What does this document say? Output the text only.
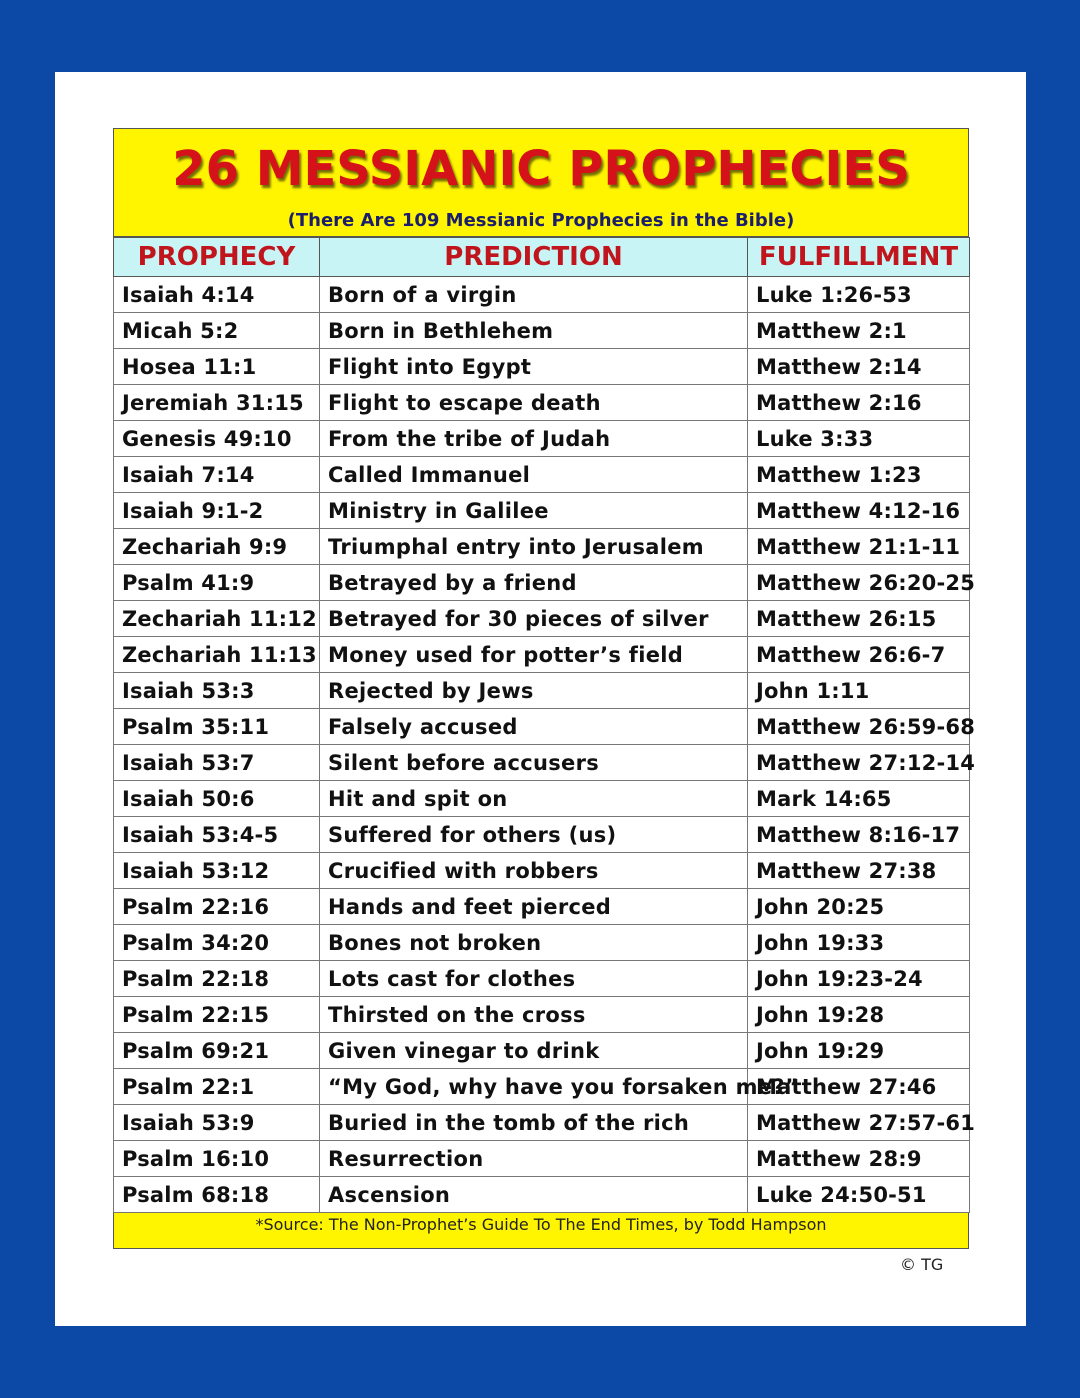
26 MESSIANIC PROPHECIES
(There Are 109 Messianic Prophecies in the Bible)
PROPHECY	PREDICTION	FULFILLMENT
Isaiah 4:14	Born of a virgin	Luke 1:26-53
Micah 5:2	Born in Bethlehem	Matthew 2:1
Hosea 11:1	Flight into Egypt	Matthew 2:14
Jeremiah 31:15	Flight to escape death	Matthew 2:16
Genesis 49:10	From the tribe of Judah	Luke 3:33
Isaiah 7:14	Called Immanuel	Matthew 1:23
Isaiah 9:1-2	Ministry in Galilee	Matthew 4:12-16
Zechariah 9:9	Triumphal entry into Jerusalem	Matthew 21:1-11
Psalm 41:9	Betrayed by a friend	Matthew 26:20-25
Zechariah 11:12	Betrayed for 30 pieces of silver	Matthew 26:15
Zechariah 11:13	Money used for potter’s field	Matthew 26:6-7
Isaiah 53:3	Rejected by Jews	John 1:11
Psalm 35:11	Falsely accused	Matthew 26:59-68
Isaiah 53:7	Silent before accusers	Matthew 27:12-14
Isaiah 50:6	Hit and spit on	Mark 14:65
Isaiah 53:4-5	Suffered for others (us)	Matthew 8:16-17
Isaiah 53:12	Crucified with robbers	Matthew 27:38
Psalm 22:16	Hands and feet pierced	John 20:25
Psalm 34:20	Bones not broken	John 19:33
Psalm 22:18	Lots cast for clothes	John 19:23-24
Psalm 22:15	Thirsted on the cross	John 19:28
Psalm 69:21	Given vinegar to drink	John 19:29
Psalm 22:1	“My God, why have you forsaken me?”	Matthew 27:46
Isaiah 53:9	Buried in the tomb of the rich	Matthew 27:57-61
Psalm 16:10	Resurrection	Matthew 28:9
Psalm 68:18	Ascension	Luke 24:50-51
*Source: The Non-Prophet’s Guide To The End Times, by Todd Hampson
© TG
